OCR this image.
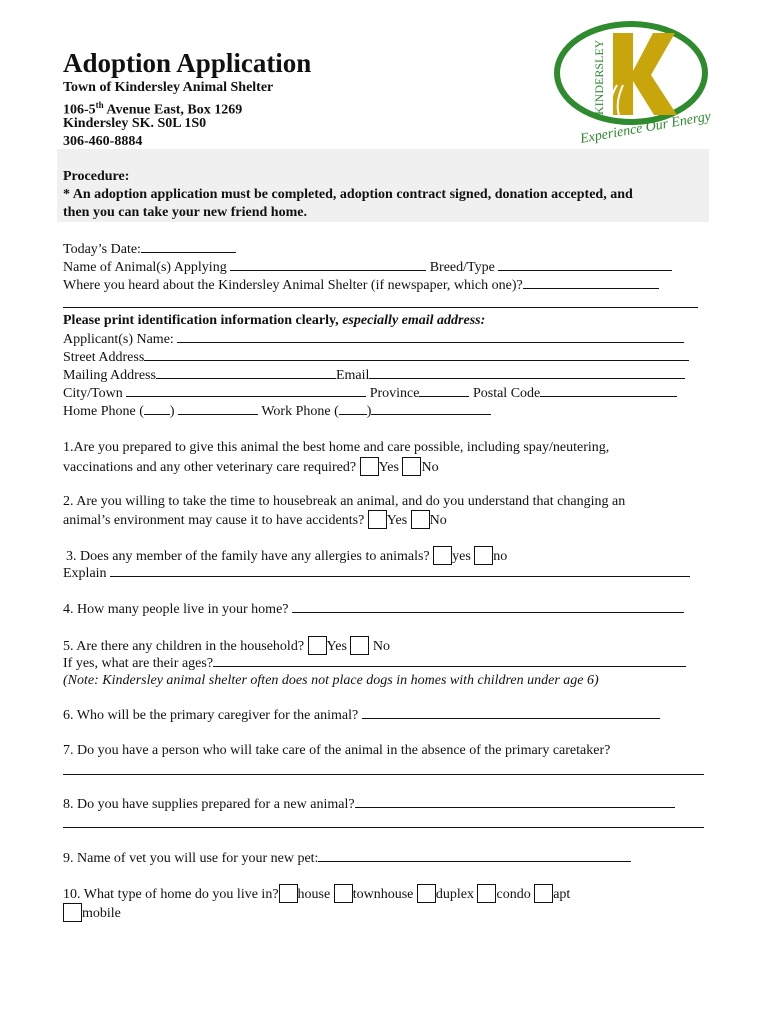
Adoption Application
Town of Kindersley Animal Shelter
106-5th Avenue East, Box 1269
Kindersley SK. S0L 1S0
306-460-8884
KINDERSLEY
Experience Our Energy
Procedure:
* An adoption application must be completed, adoption contract signed, donation accepted, and
then you can take your new friend home.
Today’s Date:
Name of Animal(s) Applying	Breed/Type
Where you heard about the Kindersley Animal Shelter (if newspaper, which one)?
Please print identification information clearly, especially email address:
Applicant(s) Name:
Street Address
Mailing Address	Email
City/Town	Province	Postal Code
Home Phone ( )	Work Phone ( )
1.Are you prepared to give this animal the best home and care possible, including spay/neutering,
vaccinations and any other veterinary care required? Yes No
2. Are you willing to take the time to housebreak an animal, and do you understand that changing an
animal’s environment may cause it to have accidents? Yes No
3. Does any member of the family have any allergies to animals? yes no
Explain
4. How many people live in your home?
5. Are there any children in the household? Yes No
If yes, what are their ages?
(Note: Kindersley animal shelter often does not place dogs in homes with children under age 6)
6. Who will be the primary caregiver for the animal?
7. Do you have a person who will take care of the animal in the absence of the primary caretaker?
8. Do you have supplies prepared for a new animal?
9. Name of vet you will use for your new pet:
10. What type of home do you live in? house townhouse duplex condo apt
mobile
